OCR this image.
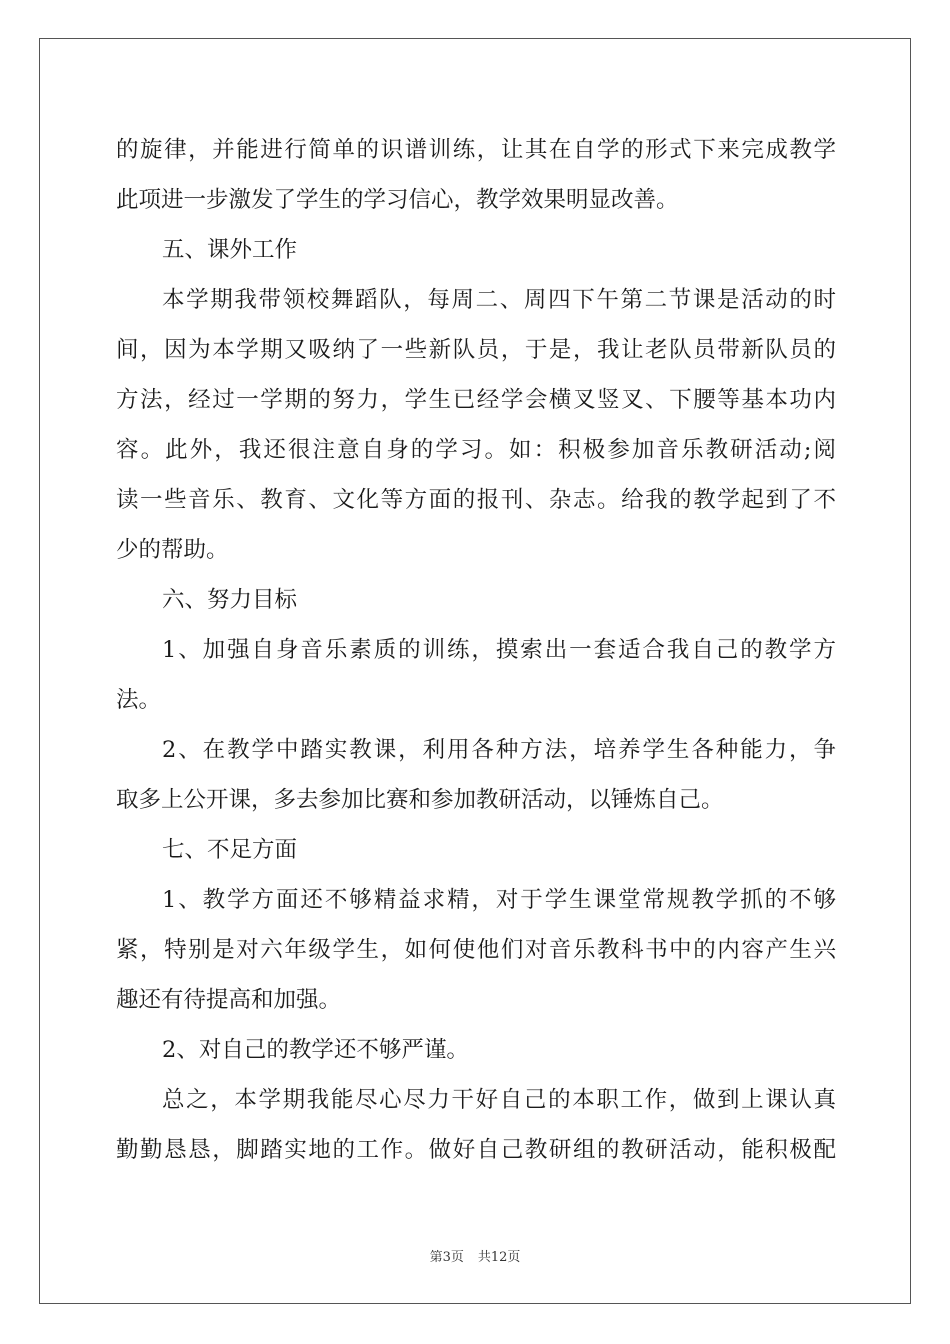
的旋律，并能进行简单的识谱训练，让其在自学的形式下来完成教学
此项进一步激发了学生的学习信心，教学效果明显改善。
五、课外工作
本学期我带领校舞蹈队，每周二、周四下午第二节课是活动的时
间，因为本学期又吸纳了一些新队员，于是，我让老队员带新队员的
方法，经过一学期的努力，学生已经学会横叉竖叉、下腰等基本功内
容。此外，我还很注意自身的学习。如：积极参加音乐教研活动;阅
读一些音乐、教育、文化等方面的报刊、杂志。给我的教学起到了不
少的帮助。
六、努力目标
1、加强自身音乐素质的训练，摸索出一套适合我自己的教学方
法。
2、在教学中踏实教课，利用各种方法，培养学生各种能力，争
取多上公开课，多去参加比赛和参加教研活动，以锤炼自己。
七、不足方面
1、教学方面还不够精益求精，对于学生课堂常规教学抓的不够
紧，特别是对六年级学生，如何使他们对音乐教科书中的内容产生兴
趣还有待提高和加强。
2、对自己的教学还不够严谨。
总之，本学期我能尽心尽力干好自己的本职工作，做到上课认真
勤勤恳恳，脚踏实地的工作。做好自己教研组的教研活动，能积极配
第3页 共12页
